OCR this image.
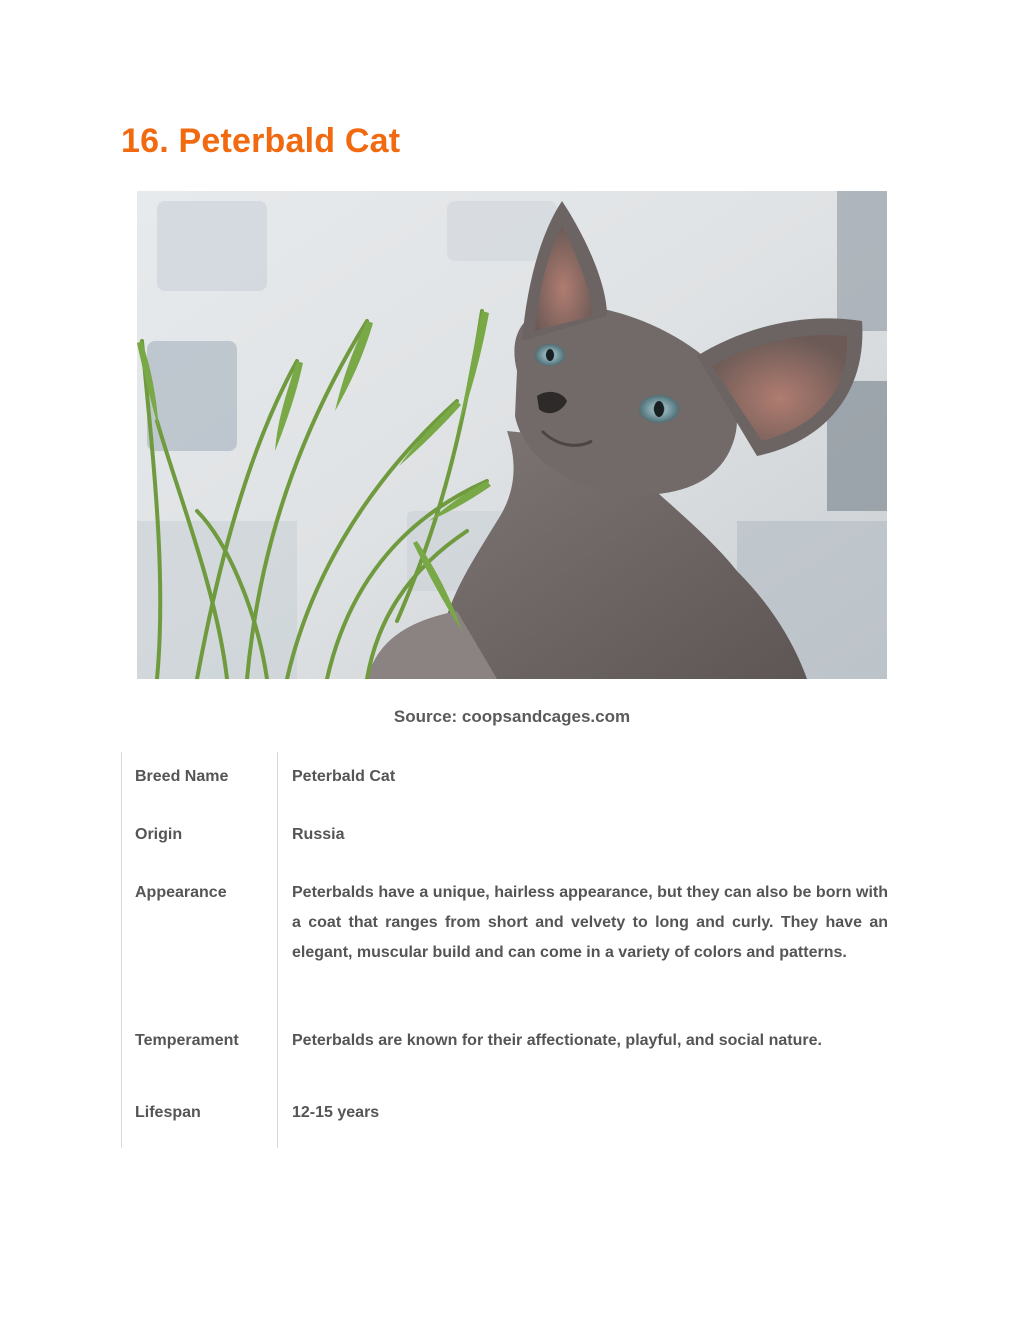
16. Peterbald Cat
Source: coopsandcages.com
Breed Name	Peterbald Cat
Origin	Russia
Appearance	Peterbalds have a unique, hairless appearance, but they can also be born with a coat that ranges from short and velvety to long and curly. They have an elegant, muscular build and can come in a variety of colors and patterns.
Temperament	Peterbalds are known for their affectionate, playful, and social nature.
Lifespan	12-15 years
